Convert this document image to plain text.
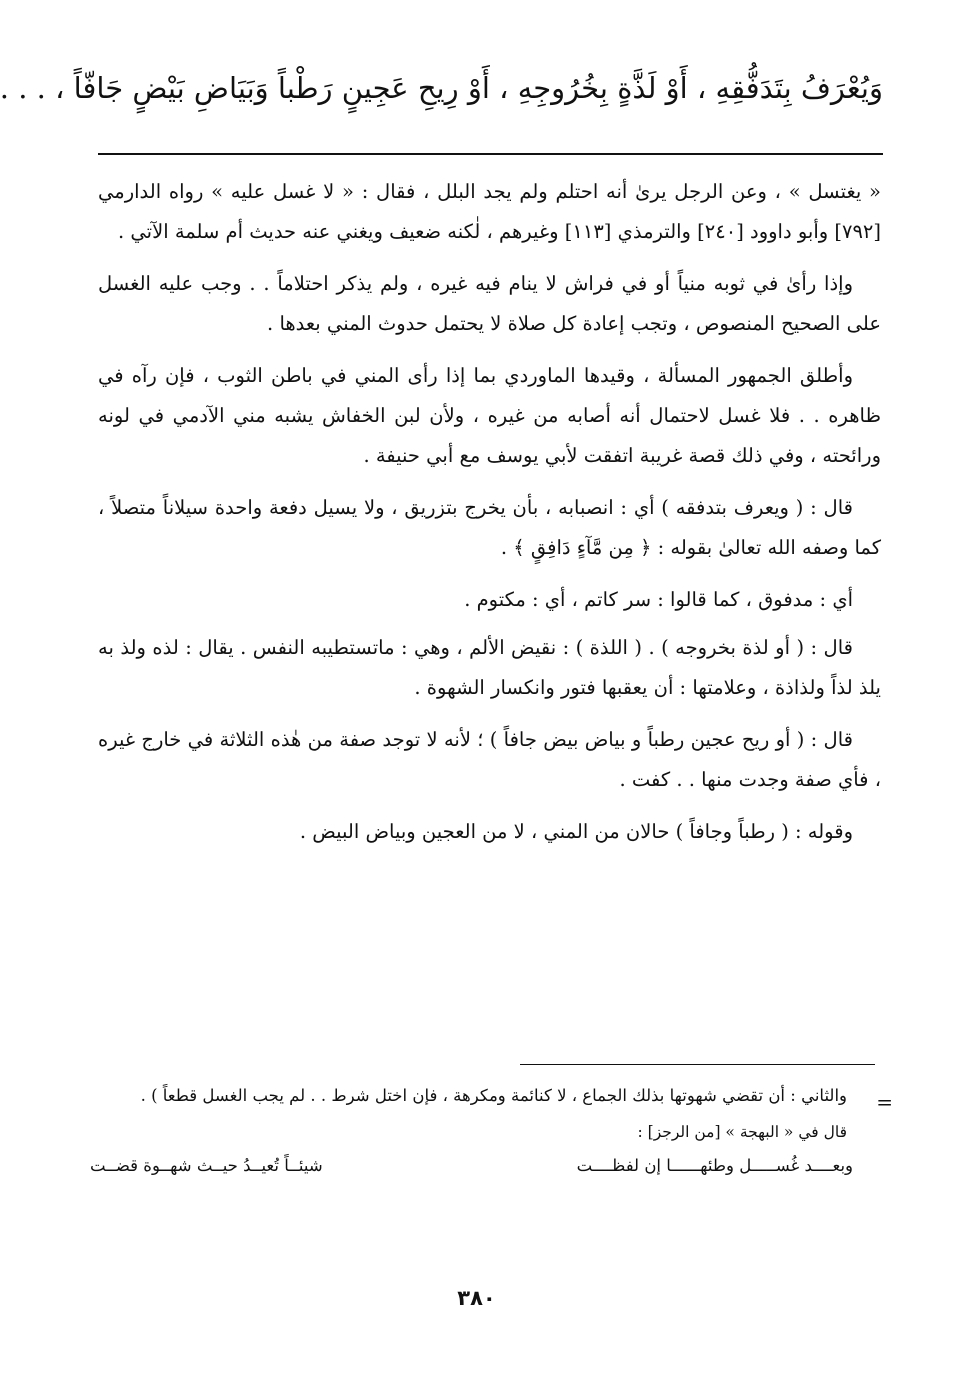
وَيُعْرَفُ بِتَدَفُّقِهِ ، أَوْ لَذَّةٍ بِخُرُوجِهِ ، أَوْ رِيحِ عَجِينٍ رَطْباً وَبَيَاضِ بَيْضٍ جَافّاً ، . . .

« يغتسل » ، وعن الرجل يرىٰ أنه احتلم ولم يجد البلل ، فقال : « لا غسل عليه » رواه الدارمي [٧٩٢] وأبو داوود [٢٤٠] والترمذي [١١٣] وغيرهم ، لٰكنه ضعيف ويغني عنه حديث أم سلمة الآتي .

وإذا رأىٰ في ثوبه منياً أو في فراش لا ينام فيه غيره ، ولم يذكر احتلاماً . . وجب عليه الغسل على الصحيح المنصوص ، وتجب إعادة كل صلاة لا يحتمل حدوث المني بعدها .

وأطلق الجمهور المسألة ، وقيدها الماوردي بما إذا رأى المني في باطن الثوب ، فإن رآه في ظاهره . . فلا غسل لاحتمال أنه أصابه من غيره ، ولأن لبن الخفاش يشبه مني الآدمي في لونه ورائحته ، وفي ذلك قصة غريبة اتفقت لأبي يوسف مع أبي حنيفة .

قال : ( ويعرف بتدفقه ) أي : انصبابه ، بأن يخرج بتزريق ، ولا يسيل دفعة واحدة سيلاناً متصلاً ، كما وصفه الله تعالىٰ بقوله : ﴿ مِن مَّآءٍ دَافِقٍ ﴾ .

أي : مدفوق ، كما قالوا : سر كاتم ، أي : مكتوم .

قال : ( أو لذة بخروجه ) . ( اللذة ) : نقيض الألم ، وهي : ماتستطيبه النفس . يقال : لذه ولذ به يلذ لذاً ولذاذة ، وعلامتها : أن يعقبها فتور وانكسار الشهوة .

قال : ( أو ريح عجين رطباً و بياض بيض جافاً ) ؛ لأنه لا توجد صفة من هٰذه الثلاثة في خارج غيره ، فأي صفة وجدت منها . . كفت .

وقوله : ( رطباً وجافاً ) حالان من المني ، لا من العجين وبياض البيض .

=
والثاني : أن تقضي شهوتها بذلك الجماع ، لا كنائمة ومكرهة ، فإن اختل شرط . . لم يجب الغسل قطعاً ) .
قال في « البهجة » [من الرجز] :
وبعــــد غُســـــل وطئهــــــا إن لفظــــت
شيئــاً تُعيــدُ حيــث شهــوة قضــت
٣٨٠
